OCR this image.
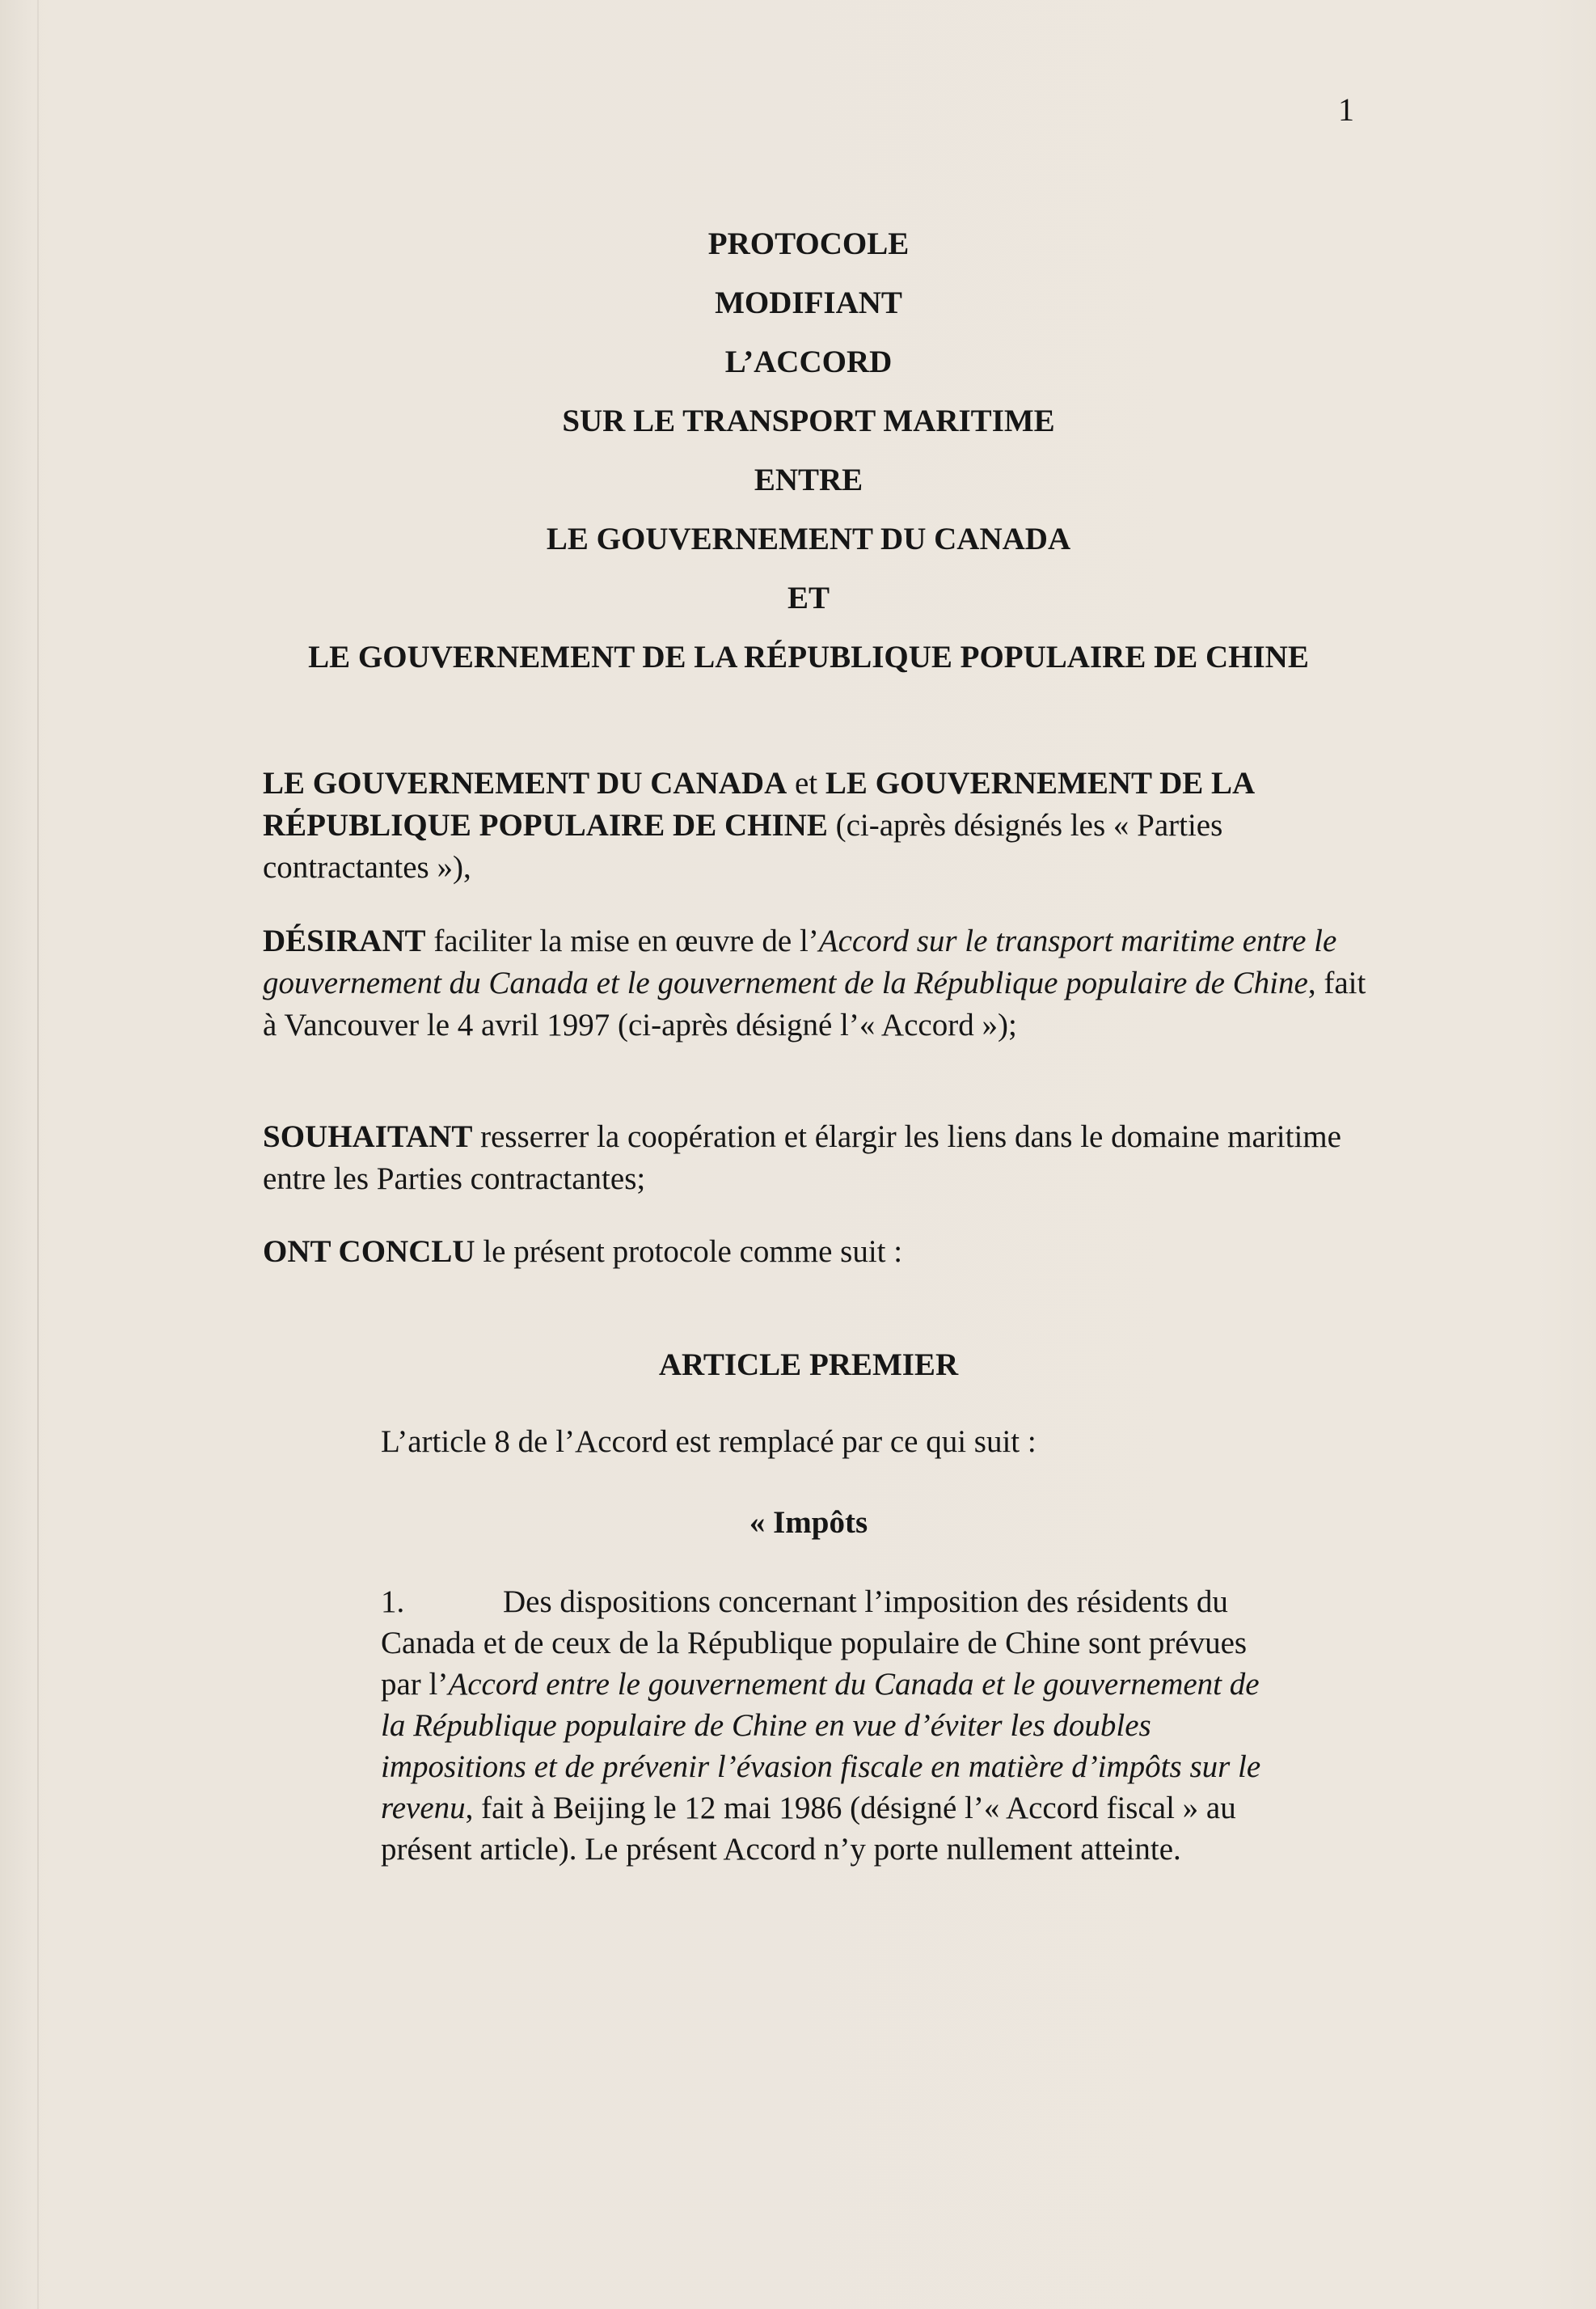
1
PROTOCOLE
MODIFIANT
L’ACCORD
SUR LE TRANSPORT MARITIME
ENTRE
LE GOUVERNEMENT DU CANADA
ET
LE GOUVERNEMENT DE LA RÉPUBLIQUE POPULAIRE DE CHINE
LE GOUVERNEMENT DU CANADA et LE GOUVERNEMENT DE LA RÉPUBLIQUE POPULAIRE DE CHINE (ci-après désignés les « Parties contractantes »),
DÉSIRANT faciliter la mise en œuvre de l’Accord sur le transport maritime entre le gouvernement du Canada et le gouvernement de la République populaire de Chine, fait à Vancouver le 4 avril 1997 (ci-après désigné l’« Accord »);
SOUHAITANT resserrer la coopération et élargir les liens dans le domaine maritime entre les Parties contractantes;
ONT CONCLU le présent protocole comme suit :
ARTICLE PREMIER
L’article 8 de l’Accord est remplacé par ce qui suit :
« Impôts
1.	Des dispositions concernant l’imposition des résidents du Canada et de ceux de la République populaire de Chine sont prévues par l’Accord entre le gouvernement du Canada et le gouvernement de la République populaire de Chine en vue d’éviter les doubles impositions et de prévenir l’évasion fiscale en matière d’impôts sur le revenu, fait à Beijing le 12 mai 1986 (désigné l’« Accord fiscal » au présent article). Le présent Accord n’y porte nullement atteinte.
